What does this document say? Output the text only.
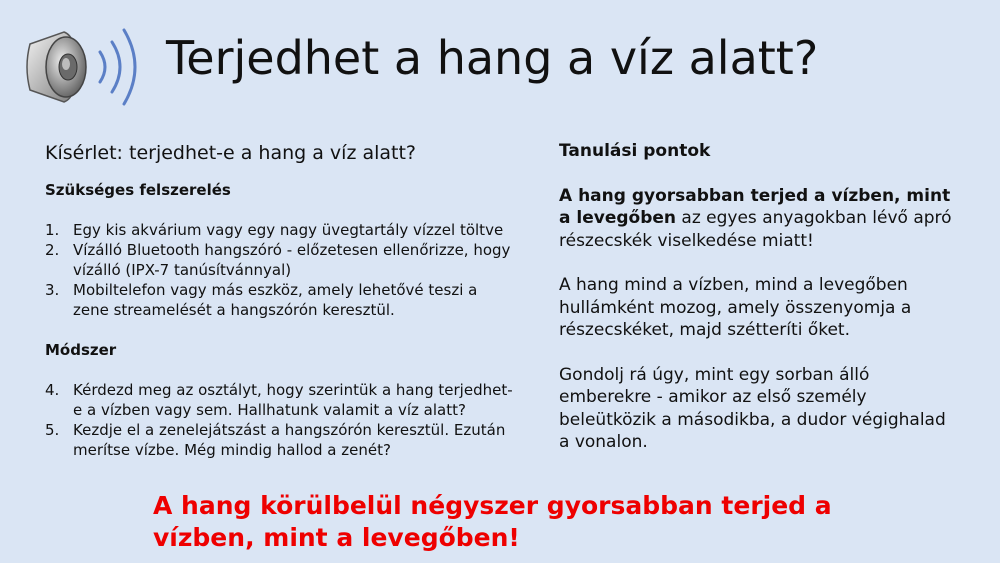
Terjedhet a hang a víz alatt?

Kísérlet: terjedhet-e a hang a víz alatt?

Szükséges felszerelés

1. Egy kis akvárium vagy egy nagy üvegtartály vízzel töltve
2. Vízálló Bluetooth hangszóró - előzetesen ellenőrizze, hogy vízálló (IPX-7 tanúsítvánnyal)
3. Mobiltelefon vagy más eszköz, amely lehetővé teszi a zene streamelését a hangszórón keresztül.

Módszer

4. Kérdezd meg az osztályt, hogy szerintük a hang terjedhet-e a vízben vagy sem. Hallhatunk valamit a víz alatt?
5. Kezdje el a zenelejátszást a hangszórón keresztül. Ezután merítse vízbe. Még mindig hallod a zenét?

Tanulási pontok

A hang gyorsabban terjed a vízben, mint a levegőben az egyes anyagokban lévő apró részecskék viselkedése miatt!

A hang mind a vízben, mind a levegőben hullámként mozog, amely összenyomja a részecskéket, majd szétteríti őket.

Gondolj rá úgy, mint egy sorban álló emberekre - amikor az első személy beleütközik a másodikba, a dudor végighalad a vonalon.

A hang körülbelül négyszer gyorsabban terjed a vízben, mint a levegőben!
